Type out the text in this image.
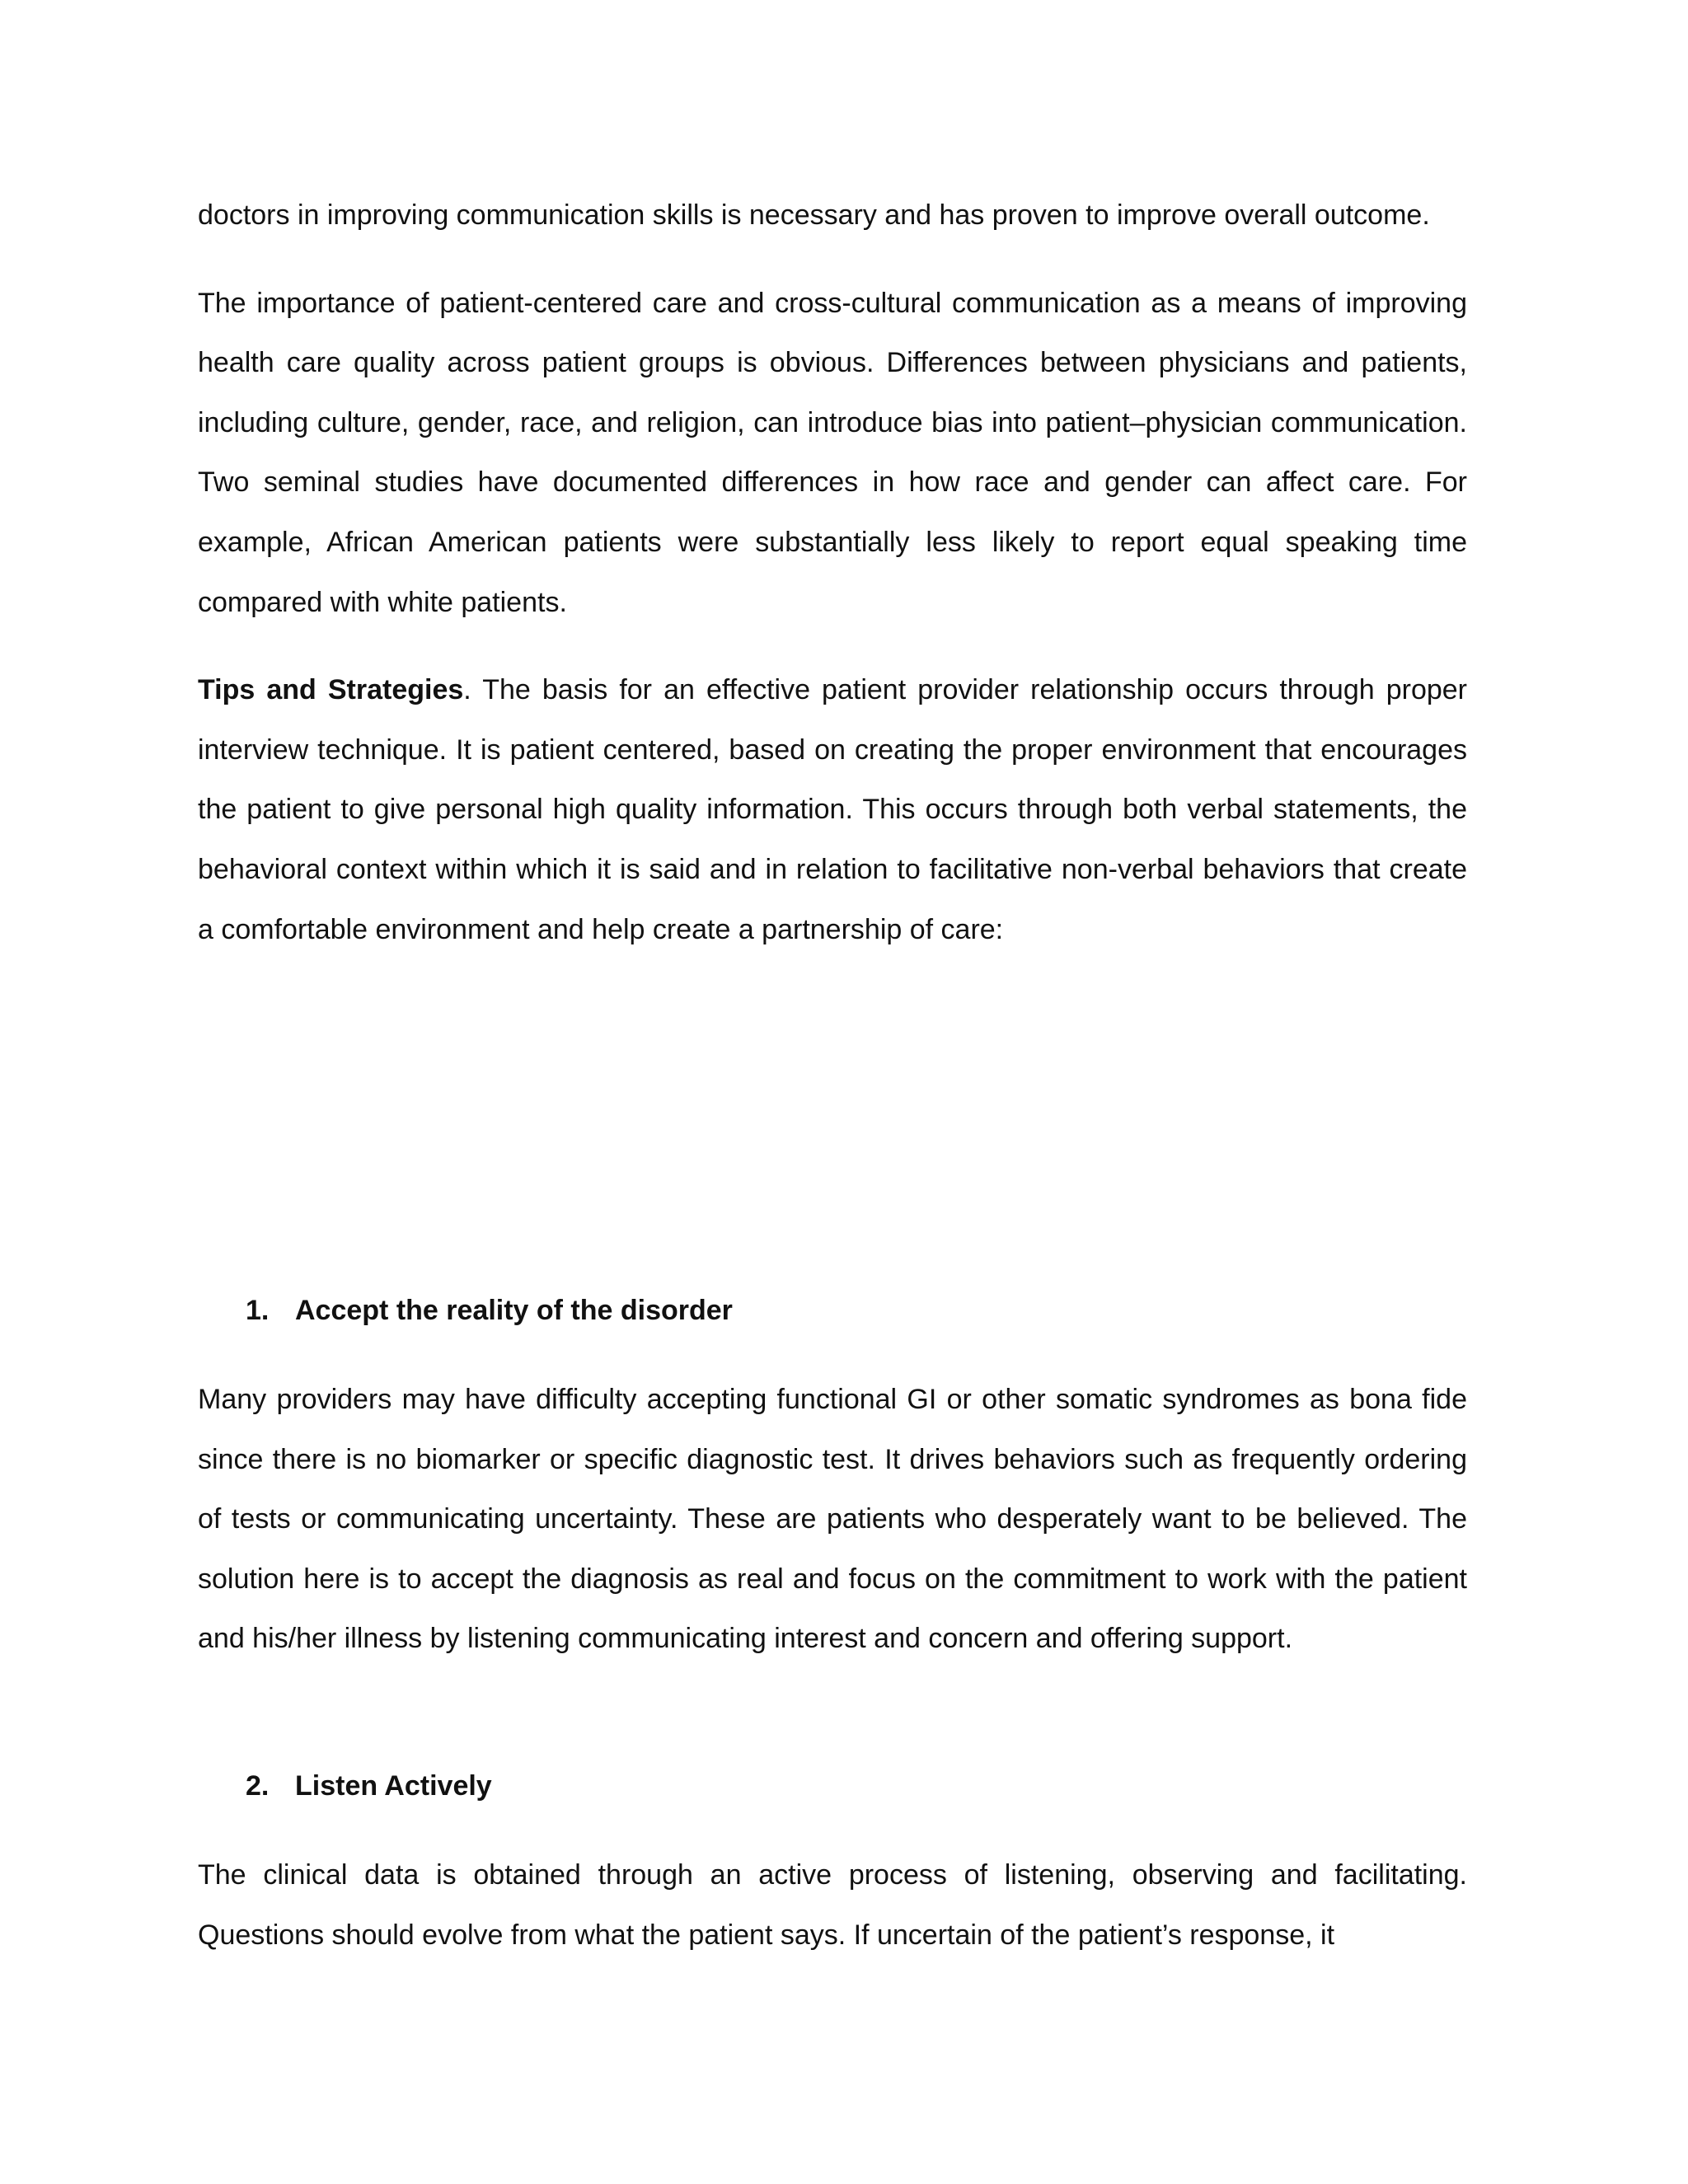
doctors in improving communication skills is necessary and has proven to improve overall outcome.

The importance of patient-centered care and cross-cultural communication as a means of improving health care quality across patient groups is obvious. Differences between physicians and patients, including culture, gender, race, and religion, can introduce bias into patient–physician communication. Two seminal studies have documented differences in how race and gender can affect care. For example, African American patients were substantially less likely to report equal speaking time compared with white patients.

Tips and Strategies. The basis for an effective patient provider relationship occurs through proper interview technique. It is patient centered, based on creating the proper environment that encourages the patient to give personal high quality information. This occurs through both verbal statements, the behavioral context within which it is said and in relation to facilitative non-verbal behaviors that create a comfortable environment and help create a partnership of care:

1. Accept the reality of the disorder

Many providers may have difficulty accepting functional GI or other somatic syndromes as bona fide since there is no biomarker or specific diagnostic test. It drives behaviors such as frequently ordering of tests or communicating uncertainty. These are patients who desperately want to be believed. The solution here is to accept the diagnosis as real and focus on the commitment to work with the patient and his/her illness by listening communicating interest and concern and offering support.

2. Listen Actively

The clinical data is obtained through an active process of listening, observing and facilitating. Questions should evolve from what the patient says. If uncertain of the patient’s response, it
